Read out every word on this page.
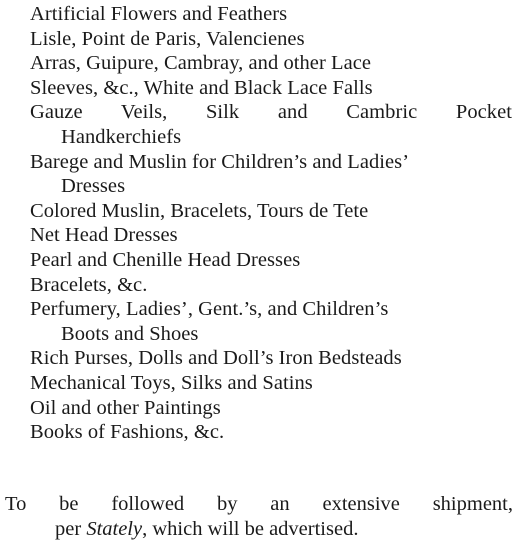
Artificial Flowers and Feathers
Lisle, Point de Paris, Valencienes
Arras, Guipure, Cambray, and other Lace
Sleeves, &c., White and Black Lace Falls
Gauze Veils, Silk and Cambric Pocket
Handkerchiefs
Barege and Muslin for Children’s and Ladies’
Dresses
Colored Muslin, Bracelets, Tours de Tete
Net Head Dresses
Pearl and Chenille Head Dresses
Bracelets, &c.
Perfumery, Ladies’, Gent.’s, and Children’s
Boots and Shoes
Rich Purses, Dolls and Doll’s Iron Bedsteads
Mechanical Toys, Silks and Satins
Oil and other Paintings
Books of Fashions, &c.

To be followed by an extensive shipment,
per Stately, which will be advertised.
